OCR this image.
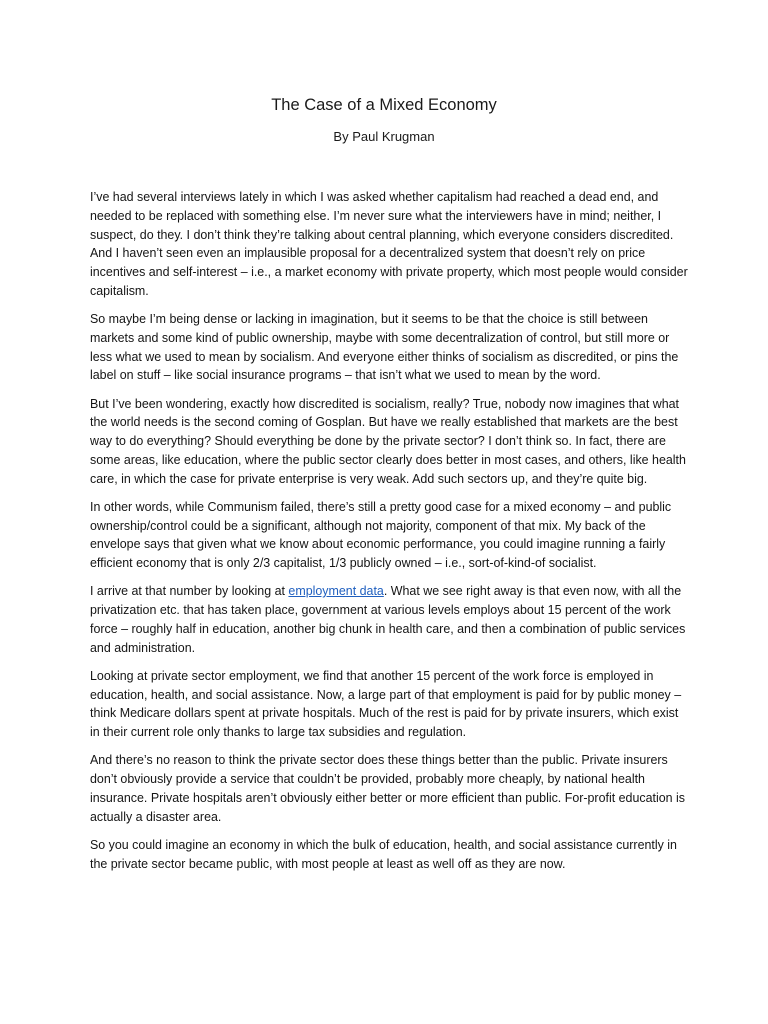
The Case of a Mixed Economy
By Paul Krugman

I’ve had several interviews lately in which I was asked whether capitalism had reached a dead end, and needed to be replaced with something else. I’m never sure what the interviewers have in mind; neither, I suspect, do they. I don’t think they’re talking about central planning, which everyone considers discredited. And I haven’t seen even an implausible proposal for a decentralized system that doesn’t rely on price incentives and self-interest – i.e., a market economy with private property, which most people would consider capitalism.

So maybe I’m being dense or lacking in imagination, but it seems to be that the choice is still between markets and some kind of public ownership, maybe with some decentralization of control, but still more or less what we used to mean by socialism. And everyone either thinks of socialism as discredited, or pins the label on stuff – like social insurance programs – that isn’t what we used to mean by the word.

But I’ve been wondering, exactly how discredited is socialism, really? True, nobody now imagines that what the world needs is the second coming of Gosplan. But have we really established that markets are the best way to do everything? Should everything be done by the private sector? I don’t think so. In fact, there are some areas, like education, where the public sector clearly does better in most cases, and others, like health care, in which the case for private enterprise is very weak. Add such sectors up, and they’re quite big.

In other words, while Communism failed, there’s still a pretty good case for a mixed economy – and public ownership/control could be a significant, although not majority, component of that mix. My back of the envelope says that given what we know about economic performance, you could imagine running a fairly efficient economy that is only 2/3 capitalist, 1/3 publicly owned – i.e., sort-of-kind-of socialist.

I arrive at that number by looking at employment data. What we see right away is that even now, with all the privatization etc. that has taken place, government at various levels employs about 15 percent of the work force – roughly half in education, another big chunk in health care, and then a combination of public services and administration.

Looking at private sector employment, we find that another 15 percent of the work force is employed in education, health, and social assistance. Now, a large part of that employment is paid for by public money – think Medicare dollars spent at private hospitals. Much of the rest is paid for by private insurers, which exist in their current role only thanks to large tax subsidies and regulation.

And there’s no reason to think the private sector does these things better than the public. Private insurers don’t obviously provide a service that couldn’t be provided, probably more cheaply, by national health insurance. Private hospitals aren’t obviously either better or more efficient than public. For-profit education is actually a disaster area.

So you could imagine an economy in which the bulk of education, health, and social assistance currently in the private sector became public, with most people at least as well off as they are now.
